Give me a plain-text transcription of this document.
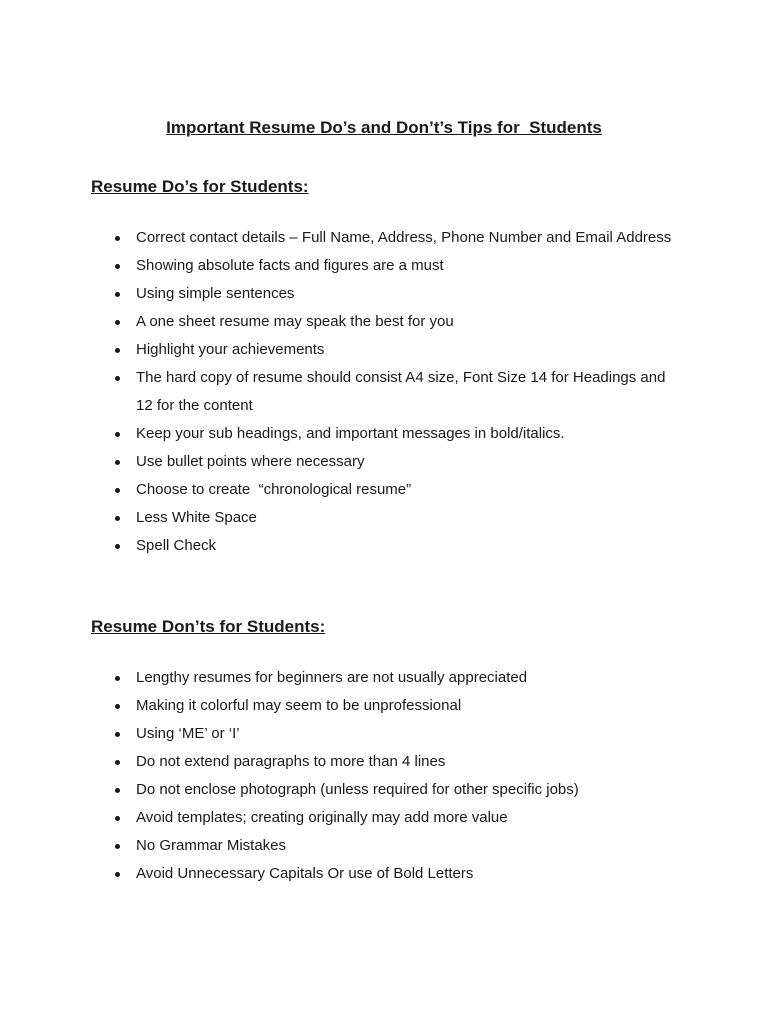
Important Resume Do’s and Don’t’s Tips for  Students
Resume Do’s for Students:
Correct contact details – Full Name, Address, Phone Number and Email Address
Showing absolute facts and figures are a must
Using simple sentences
A one sheet resume may speak the best for you
Highlight your achievements
The hard copy of resume should consist A4 size, Font Size 14 for Headings and 12 for the content
Keep your sub headings, and important messages in bold/italics.
Use bullet points where necessary
Choose to create  “chronological resume”
Less White Space
Spell Check
Resume Don’ts for Students:
Lengthy resumes for beginners are not usually appreciated
Making it colorful may seem to be unprofessional
Using ‘ME’ or ‘I’
Do not extend paragraphs to more than 4 lines
Do not enclose photograph (unless required for other specific jobs)
Avoid templates; creating originally may add more value
No Grammar Mistakes
Avoid Unnecessary Capitals Or use of Bold Letters
